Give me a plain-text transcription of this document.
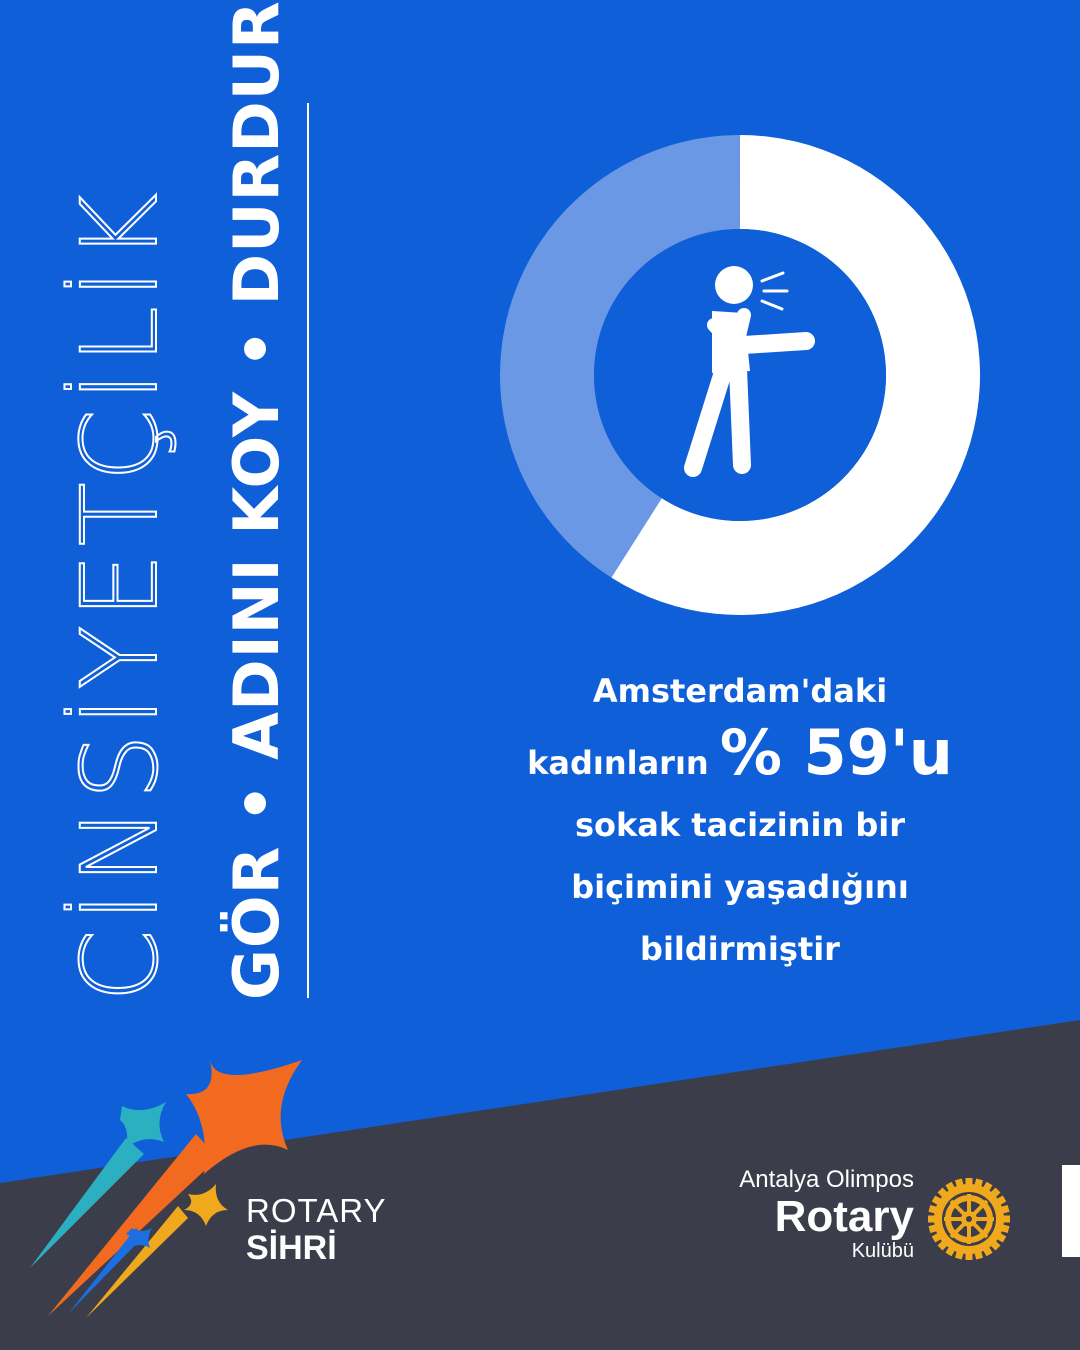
CİNSİYETÇİLİK GÖR • ADINI KOY • DURDUR	Amsterdam'daki
kadınların % 59'u
sokak tacizinin bir
biçimini yaşadığını
bildirmiştir
ROTARY
SİHRİ
Antalya Olimpos
Rotary
Kulübü
